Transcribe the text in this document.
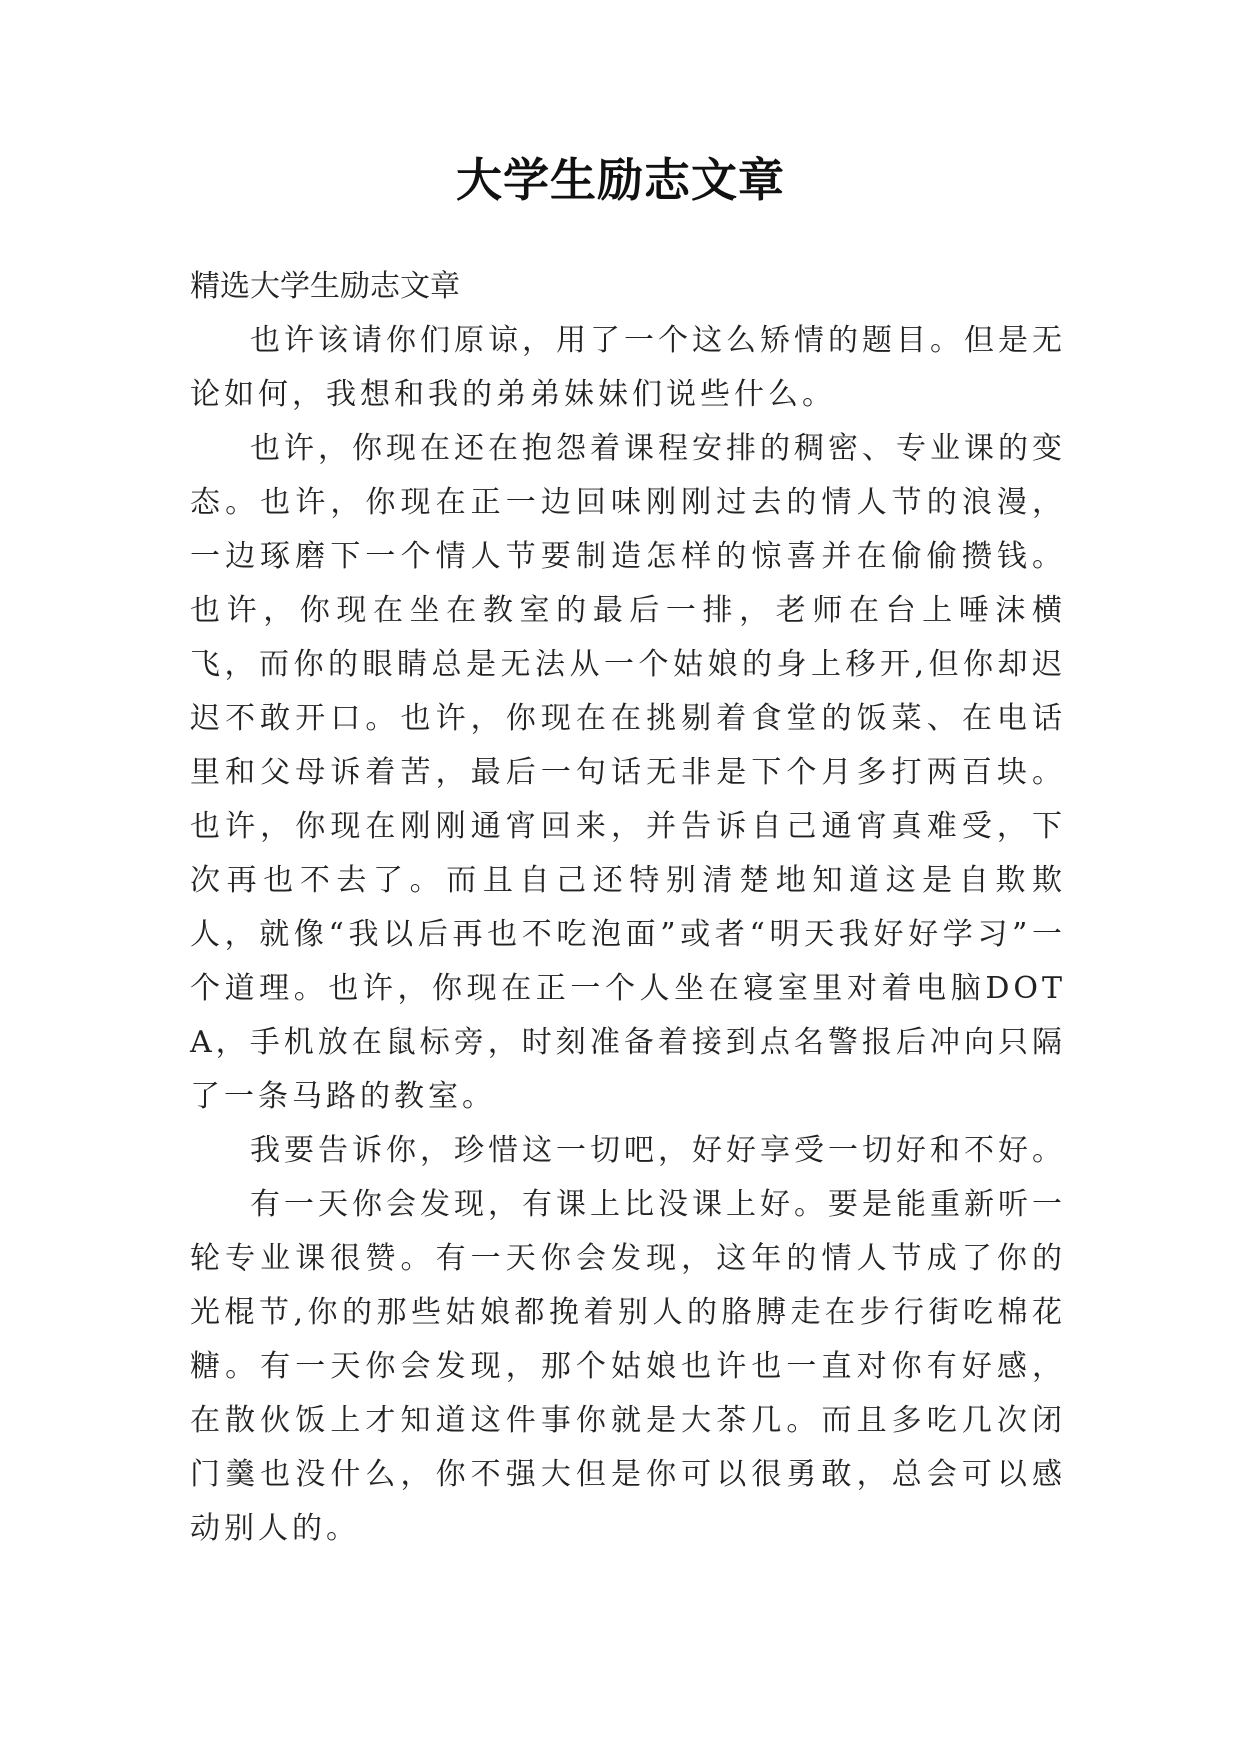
大学生励志文章

精选大学生励志文章

也许该请你们原谅，用了一个这么矫情的题目。但是无论如何，我想和我的弟弟妹妹们说些什么。

也许，你现在还在抱怨着课程安排的稠密、专业课的变态。也许，你现在正一边回味刚刚过去的情人节的浪漫，一边琢磨下一个情人节要制造怎样的惊喜并在偷偷攒钱。也许，你现在坐在教室的最后一排，老师在台上唾沫横飞，而你的眼睛总是无法从一个姑娘的身上移开,但你却迟迟不敢开口。也许，你现在在挑剔着食堂的饭菜、在电话里和父母诉着苦，最后一句话无非是下个月多打两百块。也许，你现在刚刚通宵回来，并告诉自己通宵真难受，下次再也不去了。而且自己还特别清楚地知道这是自欺欺人，就像“我以后再也不吃泡面”或者“明天我好好学习”一个道理。也许，你现在正一个人坐在寝室里对着电脑DOTA，手机放在鼠标旁，时刻准备着接到点名警报后冲向只隔了一条马路的教室。

我要告诉你，珍惜这一切吧，好好享受一切好和不好。

有一天你会发现，有课上比没课上好。要是能重新听一轮专业课很赞。有一天你会发现，这年的情人节成了你的光棍节,你的那些姑娘都挽着别人的胳膊走在步行街吃棉花糖。有一天你会发现，那个姑娘也许也一直对你有好感，在散伙饭上才知道这件事你就是大茶几。而且多吃几次闭门羹也没什么，你不强大但是你可以很勇敢，总会可以感动别人的。
